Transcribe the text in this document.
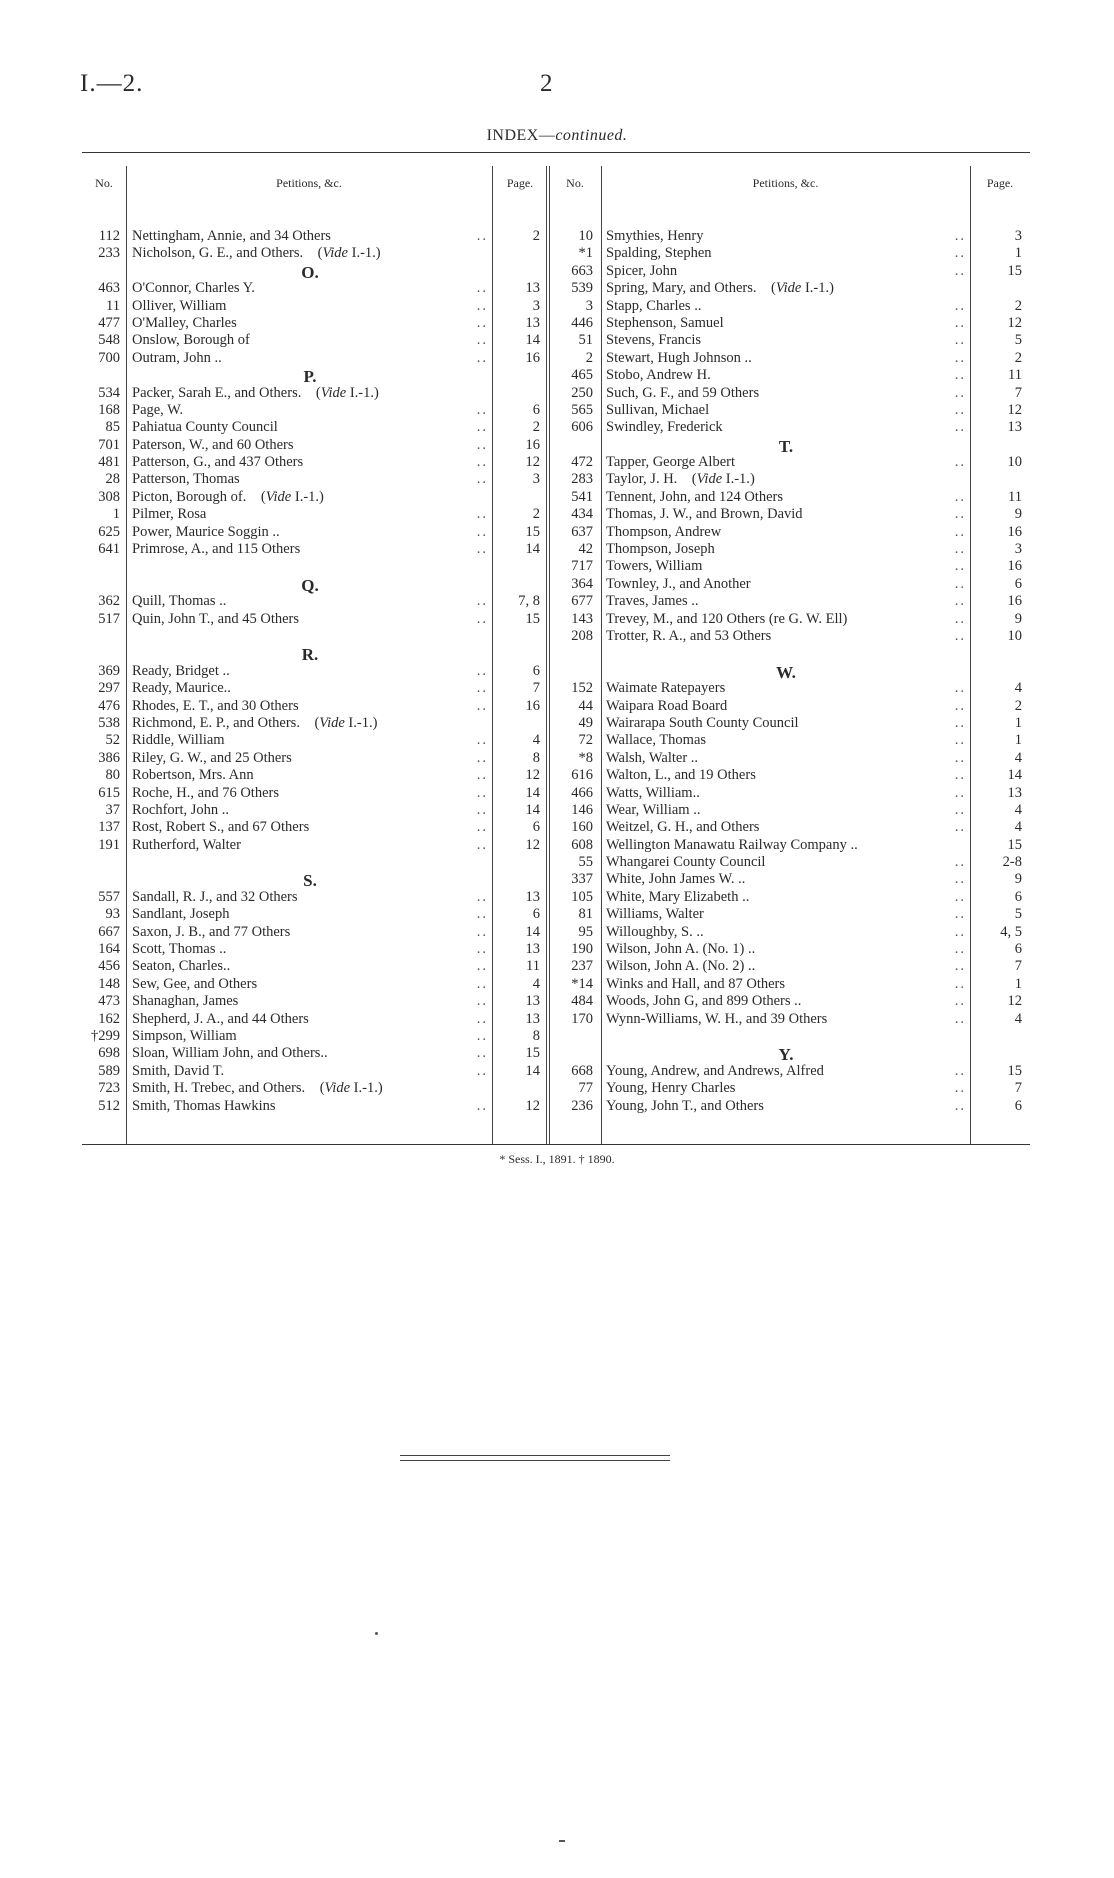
I.—2.	2
INDEX—continued.
No.	Petitions, &c.	Page.	No.	Petitions, &c.	Page.
112 Nettingham, Annie, and 34 Others	..	2
233 Nicholson, G. E., and Others. (Vide I.-1.)
O.
463 O'Connor, Charles Y.	..	13
11 Olliver, William	..	3
477 O'Malley, Charles	..	13
548 Onslow, Borough of	..	14
700 Outram, John ..	..	16
P.
534 Packer, Sarah E., and Others. (Vide I.-1.)
168 Page, W.	..	6
85 Pahiatua County Council	..	2
701 Paterson, W., and 60 Others	..	16
481 Patterson, G., and 437 Others	..	12
28 Patterson, Thomas	..	3
308 Picton, Borough of. (Vide I.-1.)
1 Pilmer, Rosa	..	2
625 Power, Maurice Soggin ..	..	15
641 Primrose, A., and 115 Others	..	14
Q.
362 Quill, Thomas ..	..	7, 8
517 Quin, John T., and 45 Others	..	15
R.
369 Ready, Bridget ..	..	6
297 Ready, Maurice..	..	7
476 Rhodes, E. T., and 30 Others	..	16
538 Richmond, E. P., and Others. (Vide I.-1.)
52 Riddle, William	..	4
386 Riley, G. W., and 25 Others	..	8
80 Robertson, Mrs. Ann	..	12
615 Roche, H., and 76 Others	..	14
37 Rochfort, John ..	..	14
137 Rost, Robert S., and 67 Others	..	6
191 Rutherford, Walter	..	12
S.
557 Sandall, R. J., and 32 Others	..	13
93 Sandlant, Joseph	..	6
667 Saxon, J. B., and 77 Others	..	14
164 Scott, Thomas ..	..	13
456 Seaton, Charles..	..	11
148 Sew, Gee, and Others	..	4
473 Shanaghan, James	..	13
162 Shepherd, J. A., and 44 Others	..	13
†299 Simpson, William	..	8
698 Sloan, William John, and Others..	..	15
589 Smith, David T.	..	14
723 Smith, H. Trebec, and Others. (Vide I.-1.)
512 Smith, Thomas Hawkins	..	12
10 Smythies, Henry	..	3
*1 Spalding, Stephen	..	1
663 Spicer, John	..	15
539 Spring, Mary, and Others. (Vide I.-1.)
3 Stapp, Charles ..	..	2
446 Stephenson, Samuel	..	12
51 Stevens, Francis	..	5
2 Stewart, Hugh Johnson ..	..	2
465 Stobo, Andrew H.	..	11
250 Such, G. F., and 59 Others	..	7
565 Sullivan, Michael	..	12
606 Swindley, Frederick	..	13
T.
472 Tapper, George Albert	..	10
283 Taylor, J. H. (Vide I.-1.)
541 Tennent, John, and 124 Others	..	11
434 Thomas, J. W., and Brown, David	..	9
637 Thompson, Andrew	..	16
42 Thompson, Joseph	..	3
717 Towers, William	..	16
364 Townley, J., and Another	..	6
677 Traves, James ..	..	16
143 Trevey, M., and 120 Others (re G. W. Ell)	..	9
208 Trotter, R. A., and 53 Others	..	10
W.
152 Waimate Ratepayers	..	4
44 Waipara Road Board	..	2
49 Wairarapa South County Council	..	1
72 Wallace, Thomas	..	1
*8 Walsh, Walter ..	..	4
616 Walton, L., and 19 Others	..	14
466 Watts, William..	..	13
146 Wear, William ..	..	4
160 Weitzel, G. H., and Others	..	4
608 Wellington Manawatu Railway Company ..	15
55 Whangarei County Council	..	2-8
337 White, John James W. ..	..	9
105 White, Mary Elizabeth ..	..	6
81 Williams, Walter	..	5
95 Willoughby, S. ..	..	4, 5
190 Wilson, John A. (No. 1) ..	..	6
237 Wilson, John A. (No. 2) ..	..	7
*14 Winks and Hall, and 87 Others	..	1
484 Woods, John G, and 899 Others ..	..	12
170 Wynn-Williams, W. H., and 39 Others	..	4
Y.
668 Young, Andrew, and Andrews, Alfred	..	15
77 Young, Henry Charles	..	7
236 Young, John T., and Others	..	6
* Sess. I., 1891. † 1890.
